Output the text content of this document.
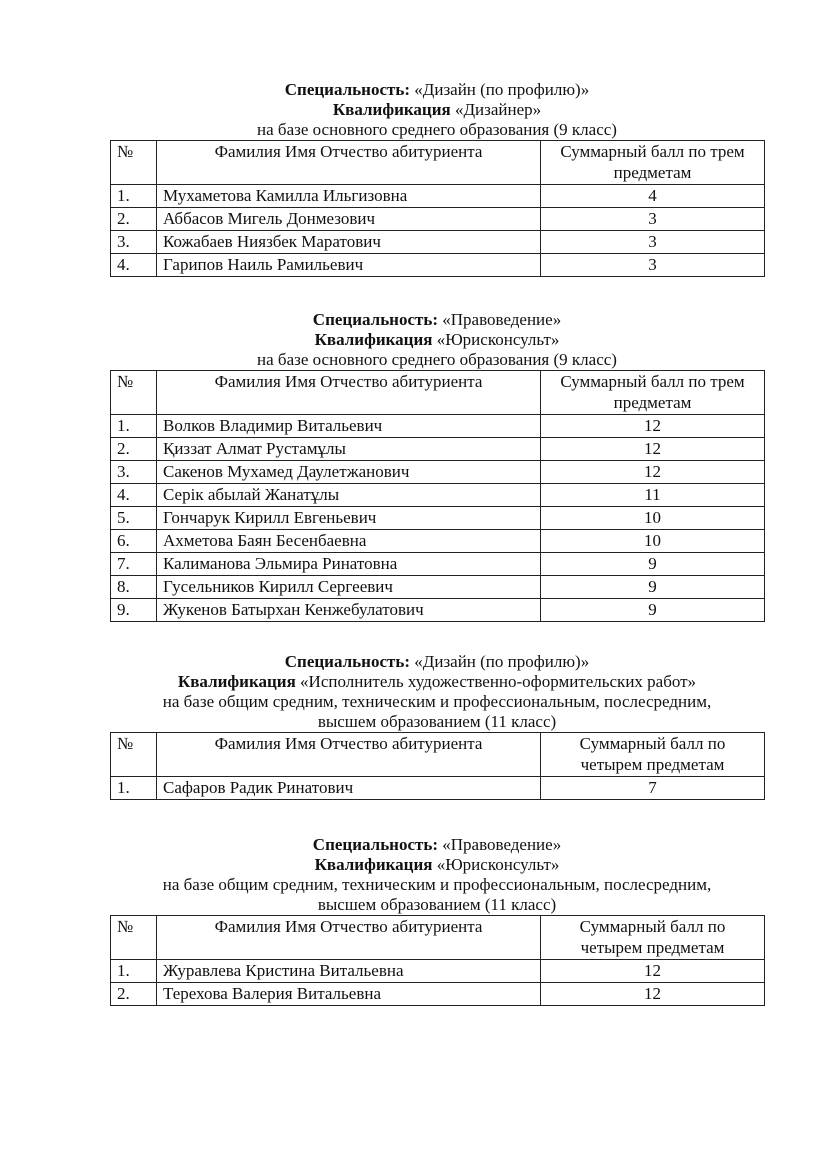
Специальность: «Дизайн (по профилю)»
Квалификация «Дизайнер»
на базе основного среднего образования (9 класс)
№	Фамилия Имя Отчество абитуриента	Суммарный балл по трем предметам
1.	Мухаметова Камилла Ильгизовна	4
2.	Аббасов Мигель Донмезович	3
3.	Кожабаев Ниязбек Маратович	3
4.	Гарипов Наиль Рамильевич	3
Специальность: «Правоведение»
Квалификация «Юрисконсульт»
на базе основного среднего образования (9 класс)
№	Фамилия Имя Отчество абитуриента	Суммарный балл по трем предметам
1.	Волков Владимир Витальевич	12
2.	Қиззат Алмат Рустамұлы	12
3.	Сакенов Мухамед Даулетжанович	12
4.	Серік абылай Жанатұлы	11
5.	Гончарук Кирилл Евгеньевич	10
6.	Ахметова Баян Бесенбаевна	10
7.	Калиманова Эльмира Ринатовна	9
8.	Гусельников Кирилл Сергеевич	9
9.	Жукенов Батырхан Кенжебулатович	9
Специальность: «Дизайн (по профилю)»
Квалификация «Исполнитель художественно-оформительских работ»
на базе общим средним, техническим и профессиональным, послесредним,
высшем образованием (11 класс)
№	Фамилия Имя Отчество абитуриента	Суммарный балл по четырем предметам
1.	Сафаров Радик Ринатович	7
Специальность: «Правоведение»
Квалификация «Юрисконсульт»
на базе общим средним, техническим и профессиональным, послесредним,
высшем образованием (11 класс)
№	Фамилия Имя Отчество абитуриента	Суммарный балл по четырем предметам
1.	Журавлева Кристина Витальевна	12
2.	Терехова Валерия Витальевна	12
